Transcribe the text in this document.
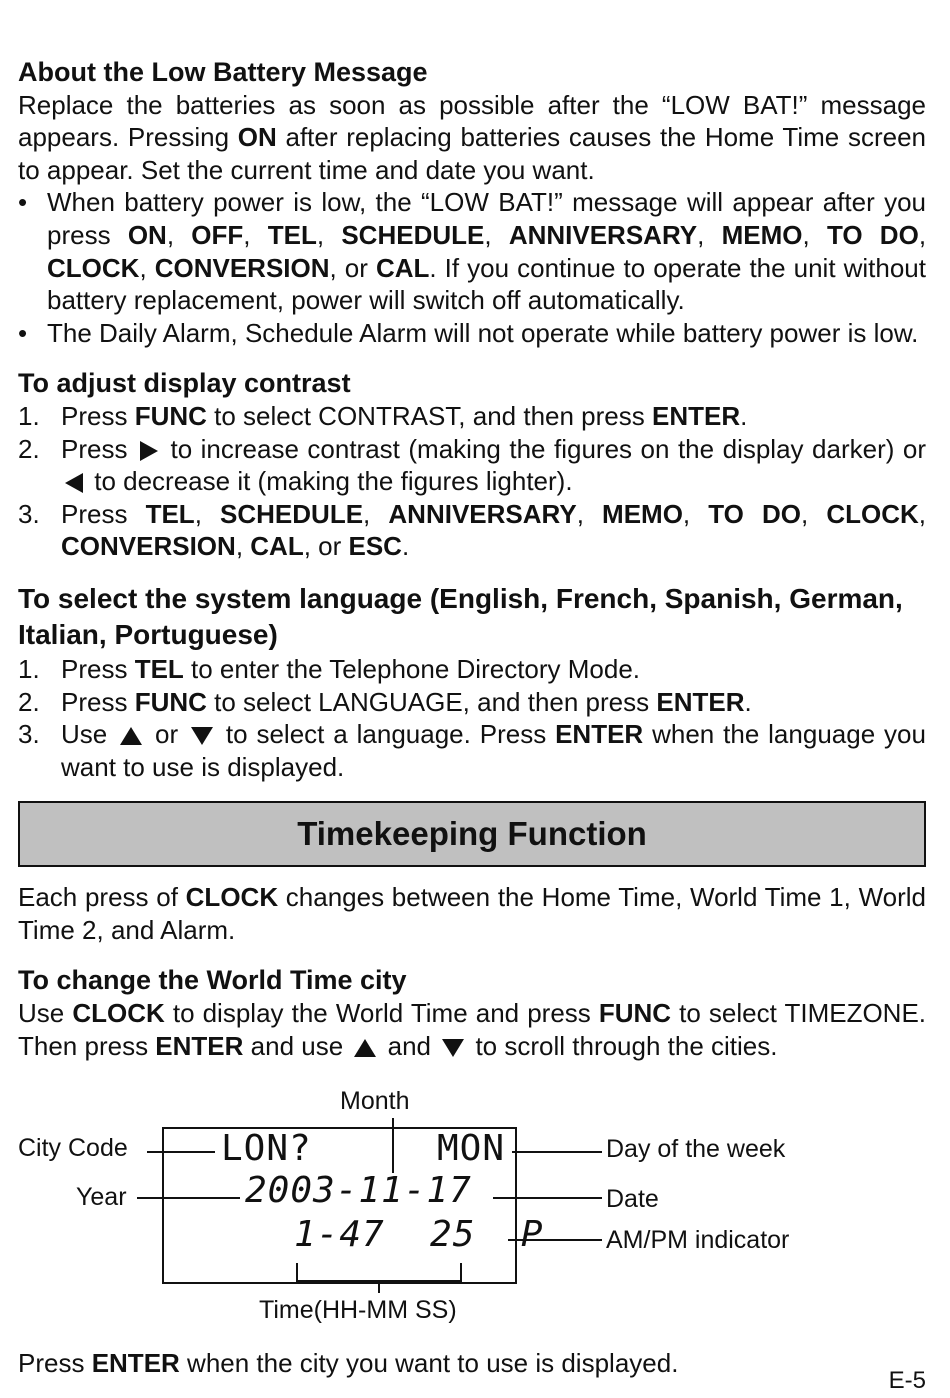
About the Low Battery Message

Replace the batteries as soon as possible after the “LOW BAT!” message appears. Pressing ON after replacing batteries causes the Home Time screen to appear. Set the current time and date you want.

• When battery power is low, the “LOW BAT!” message will appear after you press ON, OFF, TEL, SCHEDULE, ANNIVERSARY, MEMO, TO DO, CLOCK, CONVERSION, or CAL. If you continue to operate the unit without battery replacement, power will switch off automatically.
• The Daily Alarm, Schedule Alarm will not operate while battery power is low.
To adjust display contrast
1. Press FUNC to select CONTRAST, and then press ENTER.
2. Press  to increase contrast (making the figures on the display darker) or  to decrease it (making the figures lighter).
3. Press TEL, SCHEDULE, ANNIVERSARY, MEMO, TO DO, CLOCK, CONVERSION, CAL, or ESC.
To select the system language (English, French, Spanish, German, Italian, Portuguese)
1. Press TEL to enter the Telephone Directory Mode.
2. Press FUNC to select LANGUAGE, and then press ENTER.
3. Use  or  to select a language. Press ENTER when the language you want to use is displayed.
Timekeeping Function

Each press of CLOCK changes between the Home Time, World Time 1, World Time 2, and Alarm.

To change the World Time city

Use CLOCK to display the World Time and press FUNC to select TIMEZONE. Then press ENTER and use  and  to scroll through the cities.

Month
City Code
Year
Day of the week
Date
AM/PM indicator
Time(HH-MM SS)
LON?	MON
2003-11-17
1-47  25  P
Press ENTER when the city you want to use is displayed.
E-5
